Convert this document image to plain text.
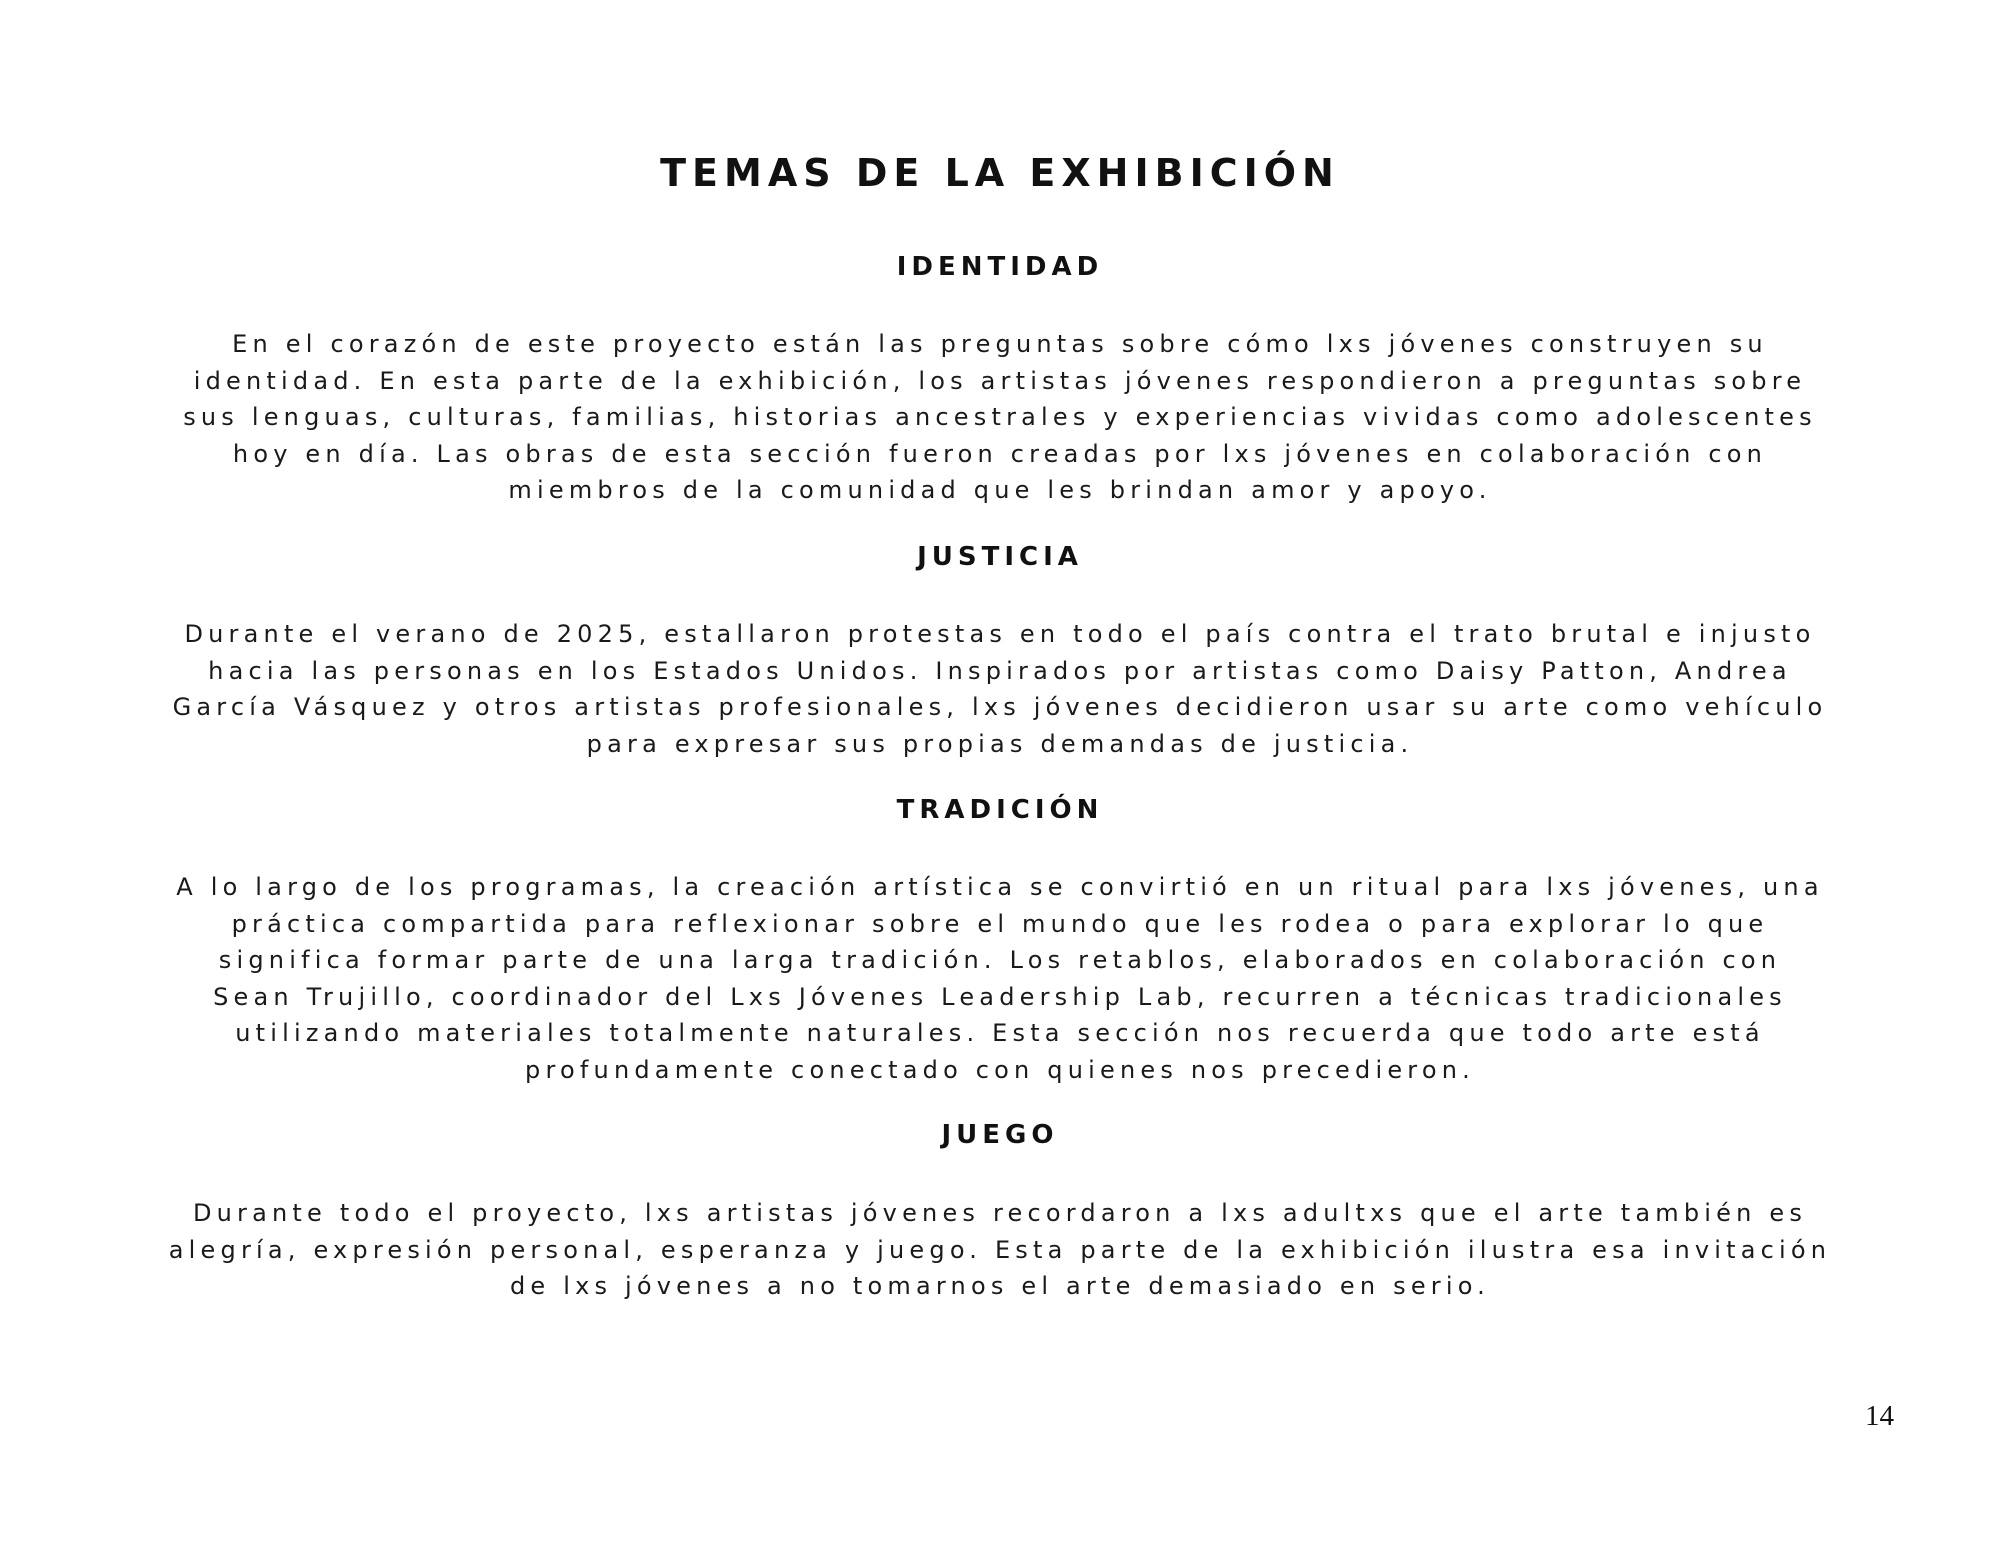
TEMAS DE LA EXHIBICIÓN
IDENTIDAD

En el corazón de este proyecto están las preguntas sobre cómo lxs jóvenes construyen su
identidad. En esta parte de la exhibición, los artistas jóvenes respondieron a preguntas sobre
sus lenguas, culturas, familias, historias ancestrales y experiencias vividas como adolescentes
hoy en día. Las obras de esta sección fueron creadas por lxs jóvenes en colaboración con
miembros de la comunidad que les brindan amor y apoyo.

JUSTICIA

Durante el verano de 2025, estallaron protestas en todo el país contra el trato brutal e injusto
hacia las personas en los Estados Unidos. Inspirados por artistas como Daisy Patton, Andrea
García Vásquez y otros artistas profesionales, lxs jóvenes decidieron usar su arte como vehículo
para expresar sus propias demandas de justicia.

TRADICIÓN

A lo largo de los programas, la creación artística se convirtió en un ritual para lxs jóvenes, una
práctica compartida para reflexionar sobre el mundo que les rodea o para explorar lo que
significa formar parte de una larga tradición. Los retablos, elaborados en colaboración con
Sean Trujillo, coordinador del Lxs Jóvenes Leadership Lab, recurren a técnicas tradicionales
utilizando materiales totalmente naturales. Esta sección nos recuerda que todo arte está
profundamente conectado con quienes nos precedieron.

JUEGO

Durante todo el proyecto, lxs artistas jóvenes recordaron a lxs adultxs que el arte también es
alegría, expresión personal, esperanza y juego. Esta parte de la exhibición ilustra esa invitación
de lxs jóvenes a no tomarnos el arte demasiado en serio.

14
